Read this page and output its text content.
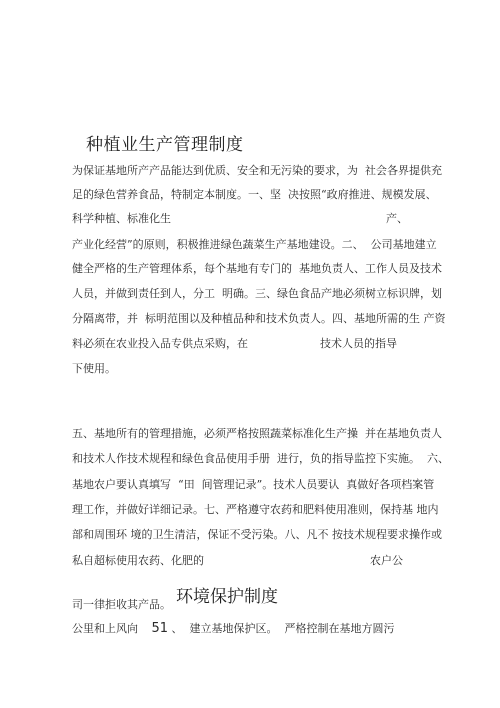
种植业生产管理制度
为保证基地所产产品能达到优质、安全和无污染的要求，为  社会各界提供充
足的绿色营养食品，特制定本制度。一、坚  决按照“政府推进、规模发展、
科学种植、标准化生	产、
产业化经营”的原则，积极推进绿色蔬菜生产基地建设。二、  公司基地建立
健全严格的生产管理体系，每个基地有专门的  基地负责人、工作人员及技术
人员，并做到责任到人，分工  明确。三、绿色食品产地必须树立标识牌，划
分隔离带，并  标明范围以及种植品种和技术负责人。四、基地所需的生 产资
料必须在农业投入品专供点采购，在	技术人员的指导
下使用。
五、基地所有的管理措施，必须严格按照蔬菜标准化生产操  并在基地负责人
和技术人作技术规程和绿色食品使用手册  进行，负的指导监控下实施。  六、
基地农户要认真填写  “田  间管理记录”。技术人员要认  真做好各项档案管
理工作，并做好详细记录。七、严格遵守农药和肥料使用准则，保持基 地内
部和周围环 境的卫生清洁，保证不受污染。八、凡不 按技术规程要求操作或
私自超标使用农药、化肥的	农户公
司一律拒收其产品。 环境保护制度
公里和上风向 51 、  建立基地保护区。  严格控制在基地方圆污
